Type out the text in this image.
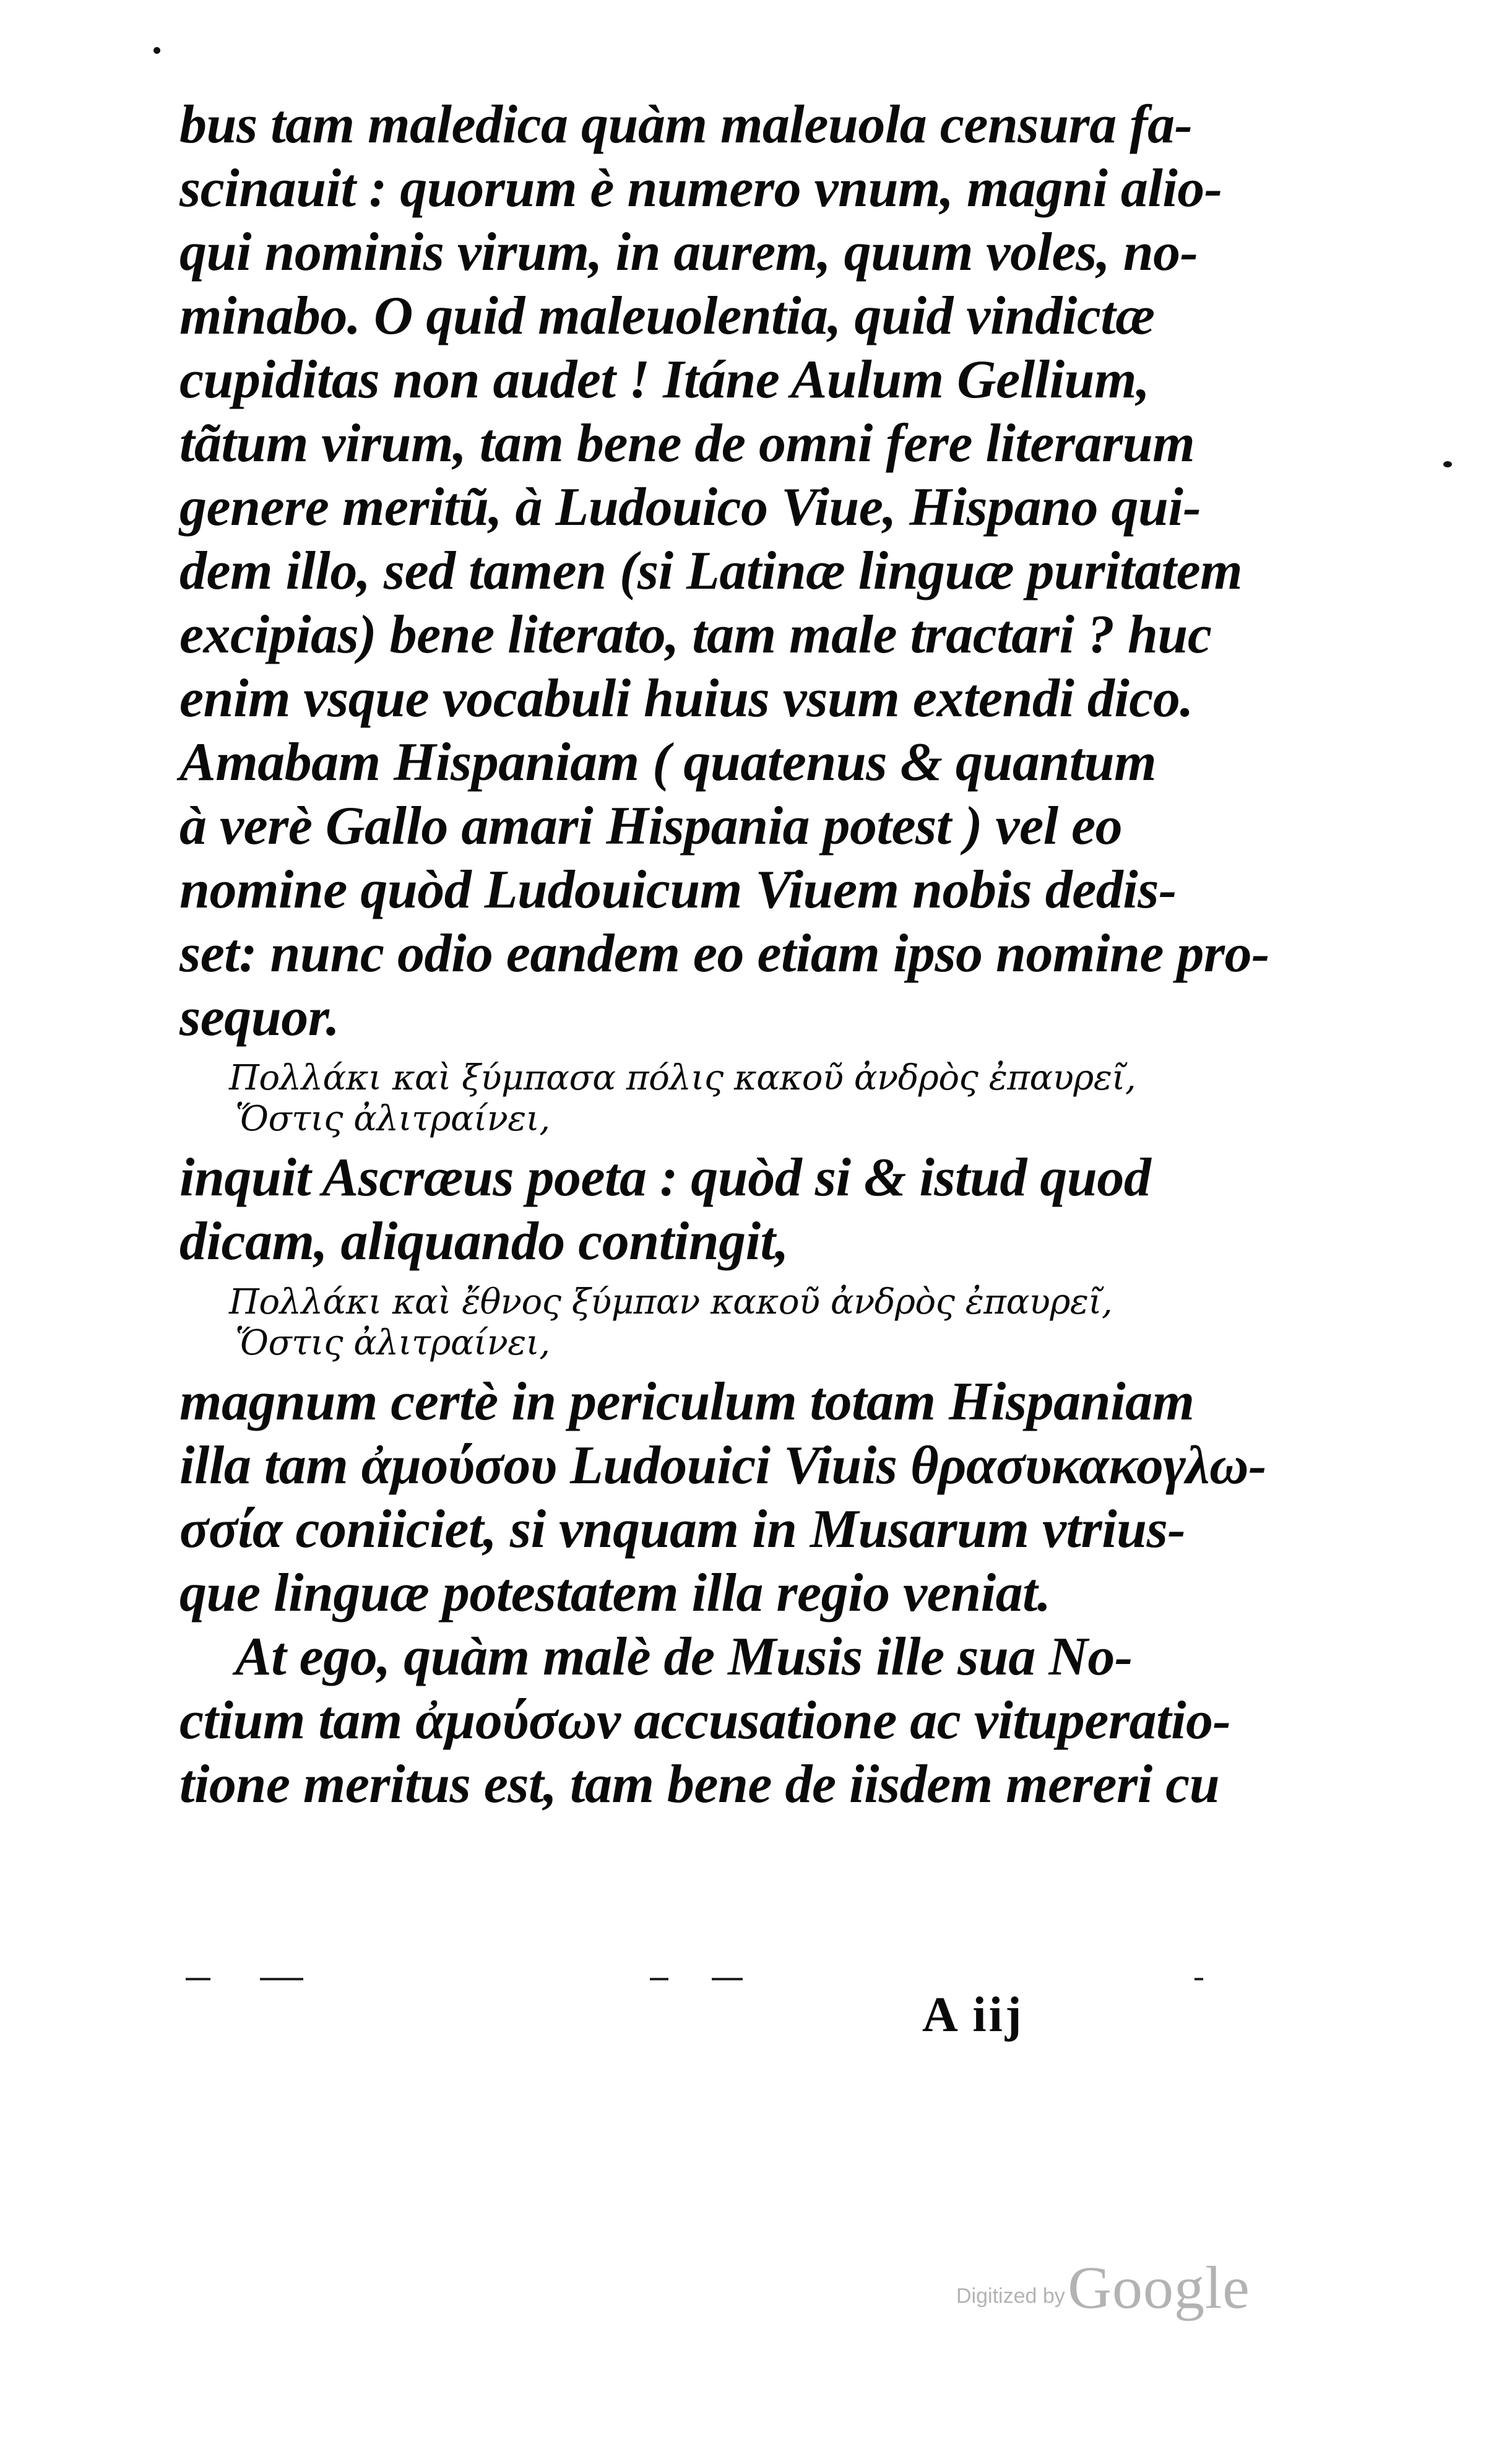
bus tam maledica quàm maleuola censura fa-
scinauit : quorum è numero vnum, magni alio-
qui nominis virum, in aurem, quum voles, no-
minabo. O quid maleuolentia, quid vindictæ
cupiditas non audet ! Itáne Aulum Gellium,
tãtum virum, tam bene de omni fere literarum
genere meritũ, à Ludouico Viue, Hispano qui-
dem illo, sed tamen (si Latinæ linguæ puritatem
excipias) bene literato, tam male tractari ? huc
enim vsque vocabuli huius vsum extendi dico.
Amabam Hispaniam ( quatenus & quantum
à verè Gallo amari Hispania potest ) vel eo
nomine quòd Ludouicum Viuem nobis dedis-
set: nunc odio eandem eo etiam ipso nomine pro-
sequor.
Πολλάκι καὶ ξύμπασα πόλις κακοῦ ἀνδρὸς ἐπαυρεῖ,
Ὅστις ἀλιτραίνει,
inquit Ascræus poeta : quòd si & istud quod
dicam, aliquando contingit,
Πολλάκι καὶ ἔθνος ξύμπαν κακοῦ ἀνδρὸς ἐπαυρεῖ,
Ὅστις ἀλιτραίνει,
magnum certè in periculum totam Hispaniam
illa tam ἀμούσου Ludouici Viuis θρασυκακογλω-
σσία coniiciet, si vnquam in Musarum vtrius-
que linguæ potestatem illa regio veniat.
At ego, quàm malè de Musis ille sua No-
ctium tam ἀμούσων accusatione ac vituperatio-
tione meritus est, tam bene de iisdem mereri cu
A iij
Digitized by Google
